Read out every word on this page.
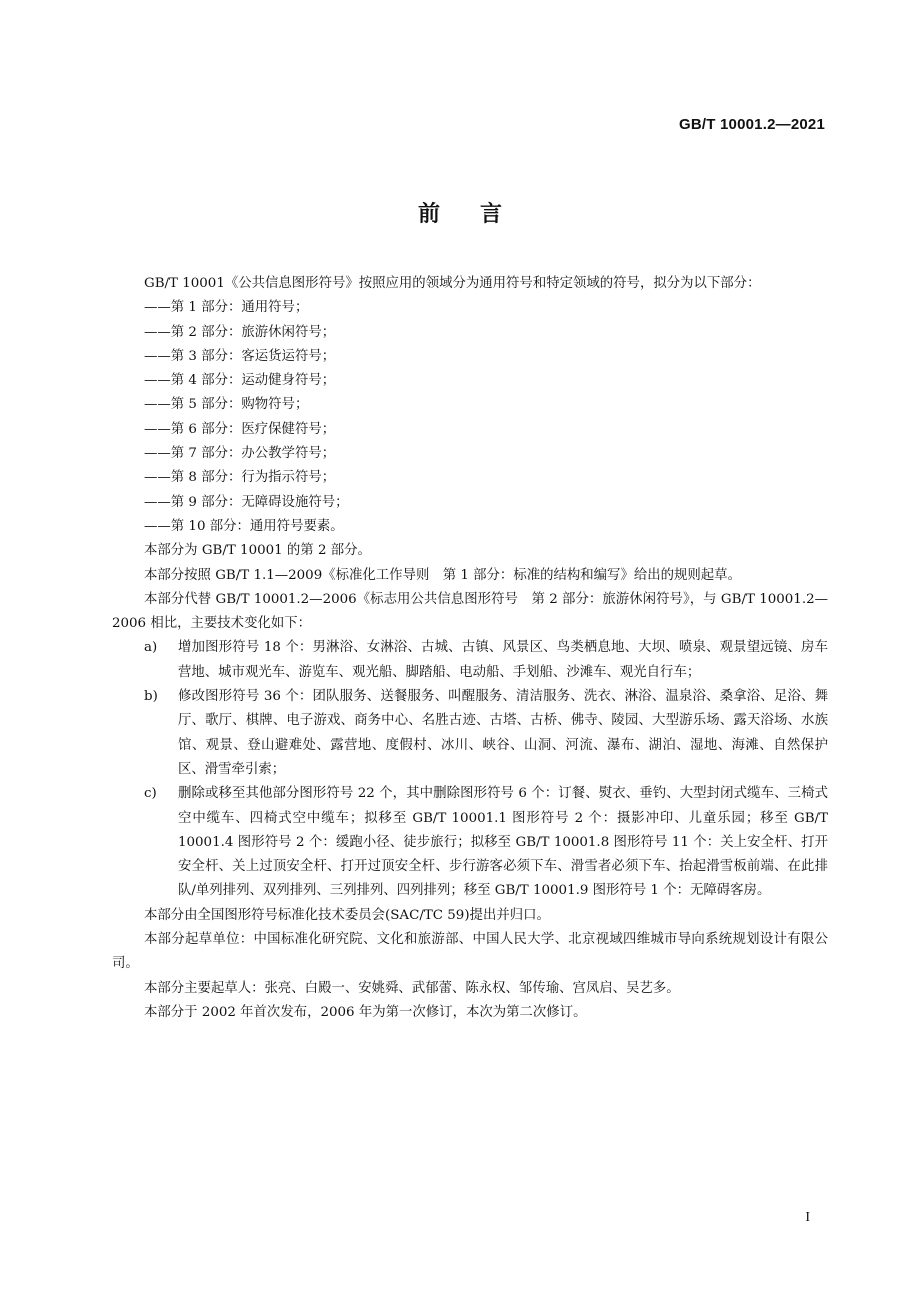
GB/T 10001.2—2021
前言

GB/T 10001《公共信息图形符号》按照应用的领域分为通用符号和特定领域的符号，拟分为以下部分：

——第 1 部分：通用符号；

——第 2 部分：旅游休闲符号；

——第 3 部分：客运货运符号；

——第 4 部分：运动健身符号；

——第 5 部分：购物符号；

——第 6 部分：医疗保健符号；

——第 7 部分：办公教学符号；

——第 8 部分：行为指示符号；

——第 9 部分：无障碍设施符号；

——第 10 部分：通用符号要素。

本部分为 GB/T 10001 的第 2 部分。

本部分按照 GB/T 1.1—2009《标准化工作导则　第 1 部分：标准的结构和编写》给出的规则起草。

本部分代替 GB/T 10001.2—2006《标志用公共信息图形符号　第 2 部分：旅游休闲符号》，与 GB/T 10001.2—2006 相比，主要技术变化如下：

a)	增加图形符号 18 个：男淋浴、女淋浴、古城、古镇、风景区、鸟类栖息地、大坝、喷泉、观景望远镜、房车营地、城市观光车、游览车、观光船、脚踏船、电动船、手划船、沙滩车、观光自行车；
b)	修改图形符号 36 个：团队服务、送餐服务、叫醒服务、清洁服务、洗衣、淋浴、温泉浴、桑拿浴、足浴、舞厅、歌厅、棋牌、电子游戏、商务中心、名胜古迹、古塔、古桥、佛寺、陵园、大型游乐场、露天浴场、水族馆、观景、登山避难处、露营地、度假村、冰川、峡谷、山洞、河流、瀑布、湖泊、湿地、海滩、自然保护区、滑雪牵引索；
c)	删除或移至其他部分图形符号 22 个，其中删除图形符号 6 个：订餐、熨衣、垂钓、大型封闭式缆车、三椅式空中缆车、四椅式空中缆车；拟移至 GB/T 10001.1 图形符号 2 个：摄影冲印、儿童乐园；移至 GB/T 10001.4 图形符号 2 个：缓跑小径、徒步旅行；拟移至 GB/T 10001.8 图形符号 11 个：关上安全杆、打开安全杆、关上过顶安全杆、打开过顶安全杆、步行游客必须下车、滑雪者必须下车、抬起滑雪板前端、在此排队/单列排列、双列排列、三列排列、四列排列；移至 GB/T 10001.9 图形符号 1 个：无障碍客房。

本部分由全国图形符号标准化技术委员会(SAC/TC 59)提出并归口。

本部分起草单位：中国标准化研究院、文化和旅游部、中国人民大学、北京视域四维城市导向系统规划设计有限公司。

本部分主要起草人：张亮、白殿一、安姚舜、武郁蕾、陈永权、邹传瑜、宫凤启、吴艺多。

本部分于 2002 年首次发布，2006 年为第一次修订，本次为第二次修订。

I
